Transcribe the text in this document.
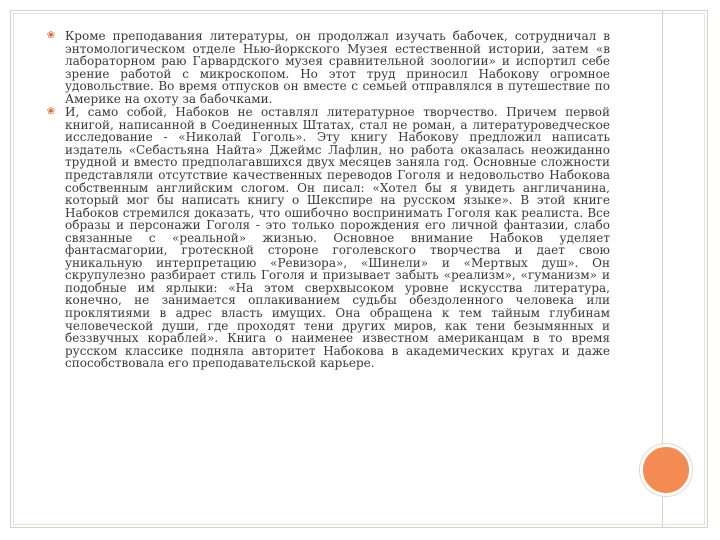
❀ Кроме преподавания литературы, он продолжал изучать бабочек, сотрудничал в энтомологическом отделе Нью-йоркского Музея естественной истории, затем «в лабораторном раю Гарвардского музея сравнительной зоологии» и испортил себе зрение работой с микроскопом. Но этот труд приносил Набокову огромное удовольствие. Во время отпусков он вместе с семьей отправлялся в путешествие по Америке на охоту за бабочками.
❀ И, само собой, Набоков не оставлял литературное творчество. Причем первой книгой, написанной в Соединенных Штатах, стал не роман, а литературоведческое исследование - «Николай Гоголь». Эту книгу Набокову предложил написать издатель «Себастьяна Найта» Джеймс Лафлин, но работа оказалась неожиданно трудной и вместо предполагавшихся двух месяцев заняла год. Основные сложности представляли отсутствие качественных переводов Гоголя и недовольство Набокова собственным английским слогом. Он писал: «Хотел бы я увидеть англичанина, который мог бы написать книгу о Шекспире на русском языке». В этой книге Набоков стремился доказать, что ошибочно воспринимать Гоголя как реалиста. Все образы и персонажи Гоголя - это только порождения его личной фантазии, слабо связанные с «реальной» жизнью. Основное внимание Набоков уделяет фантасмагории, гротескной стороне гоголевского творчества и дает свою уникальную интерпретацию «Ревизора», «Шинели» и «Мертвых душ». Он скрупулезно разбирает стиль Гоголя и призывает забыть «реализм», «гуманизм» и подобные им ярлыки: «На этом сверхвысоком уровне искусства литература, конечно, не занимается оплакиванием судьбы обездоленного человека или проклятиями в адрес власть имущих. Она обращена к тем тайным глубинам человеческой души, где проходят тени других миров, как тени безымянных и беззвучных кораблей». Книга о наименее известном американцам в то время русском классике подняла авторитет Набокова в академических кругах и даже способствовала его преподавательской карьере.
